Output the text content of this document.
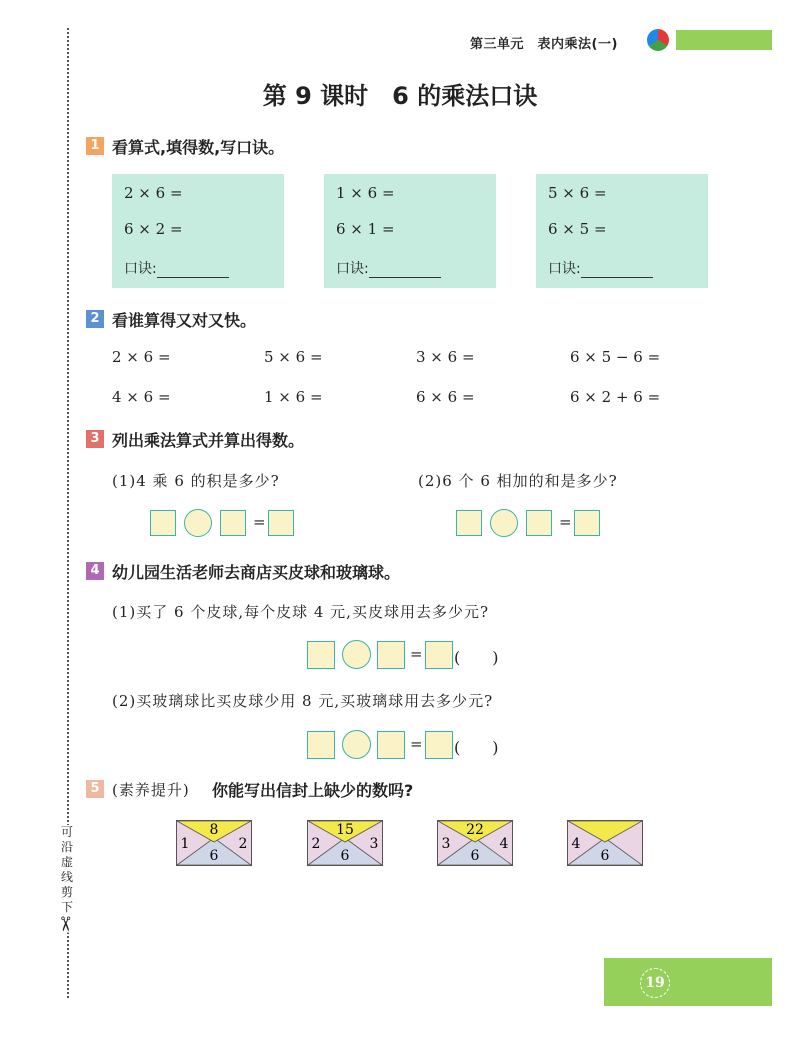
可沿虚线剪下
✂
第三单元　表内乘法(一)
第 9 课时　6 的乘法口诀
1 看算式,填得数,写口诀。
2 × 6 =
6 × 2 =
口诀:
1 × 6 =
6 × 1 =
口诀:
5 × 6 =
6 × 5 =
口诀:
2 看谁算得又对又快。
2 × 6 =	5 × 6 =	3 × 6 =	6 × 5 − 6 =
4 × 6 =	1 × 6 =	6 × 6 =	6 × 2 + 6 =
3 列出乘法算式并算出得数。
(1)4 乘 6 的积是多少?	(2)6 个 6 相加的和是多少?
=	=
4 幼儿园生活老师去商店买皮球和玻璃球。
(1)买了 6 个皮球,每个皮球 4 元,买皮球用去多少元?
= (　　)
(2)买玻璃球比买皮球少用 8 元,买玻璃球用去多少元?
= (　　)
5 (素养提升) 你能写出信封上缺少的数吗?
8
1	2
6
15
2	3
6
22
3	4
6
4
6
19
